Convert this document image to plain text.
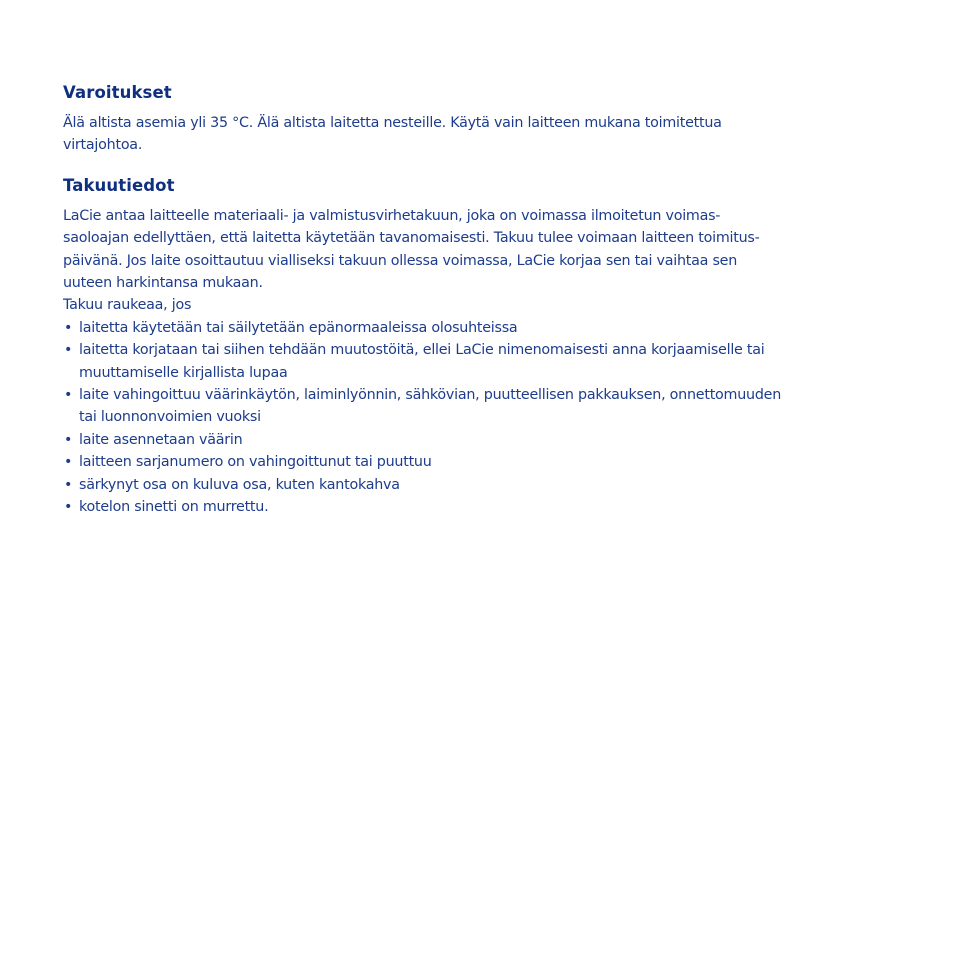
Varoitukset

Älä altista asemia yli 35 °C. Älä altista laitetta nesteille. Käytä vain laitteen mukana toimitettua
virtajohtoa.

Takuutiedot

LaCie antaa laitteelle materiaali- ja valmistusvirhetakuun, joka on voimassa ilmoitetun voimas-
saoloajan edellyttäen, että laitetta käytetään tavanomaisesti. Takuu tulee voimaan laitteen toimitus-
päivänä. Jos laite osoittautuu vialliseksi takuun ollessa voimassa, LaCie korjaa sen tai vaihtaa sen
uuteen harkintansa mukaan.
Takuu raukeaa, jos

• laitetta käytetään tai säilytetään epänormaaleissa olosuhteissa
• laitetta korjataan tai siihen tehdään muutostöitä, ellei LaCie nimenomaisesti anna korjaamiselle tai
muuttamiselle kirjallista lupaa
• laite vahingoittuu väärinkäytön, laiminlyönnin, sähkövian, puutteellisen pakkauksen, onnettomuuden
tai luonnonvoimien vuoksi
• laite asennetaan väärin
• laitteen sarjanumero on vahingoittunut tai puuttuu
• särkynyt osa on kuluva osa, kuten kantokahva
• kotelon sinetti on murrettu.
